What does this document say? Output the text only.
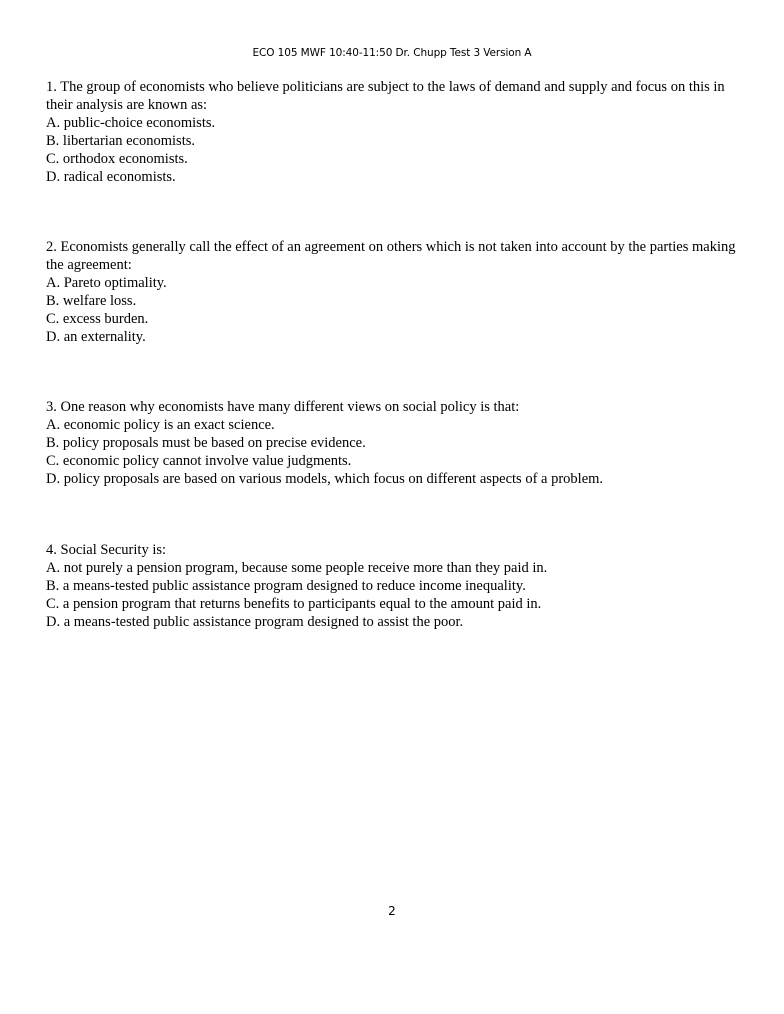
ECO 105 MWF 10:40-11:50 Dr. Chupp Test 3 Version A
1. The group of economists who believe politicians are subject to the laws of demand and supply and focus on this in their analysis are known as:
A. public-choice economists.
B. libertarian economists.
C. orthodox economists.
D. radical economists.
2. Economists generally call the effect of an agreement on others which is not taken into account by the parties making the agreement:
A. Pareto optimality.
B. welfare loss.
C. excess burden.
D. an externality.
3. One reason why economists have many different views on social policy is that:
A. economic policy is an exact science.
B. policy proposals must be based on precise evidence.
C. economic policy cannot involve value judgments.
D. policy proposals are based on various models, which focus on different aspects of a problem.
4. Social Security is:
A. not purely a pension program, because some people receive more than they paid in.
B. a means-tested public assistance program designed to reduce income inequality.
C. a pension program that returns benefits to participants equal to the amount paid in.
D. a means-tested public assistance program designed to assist the poor.
2
